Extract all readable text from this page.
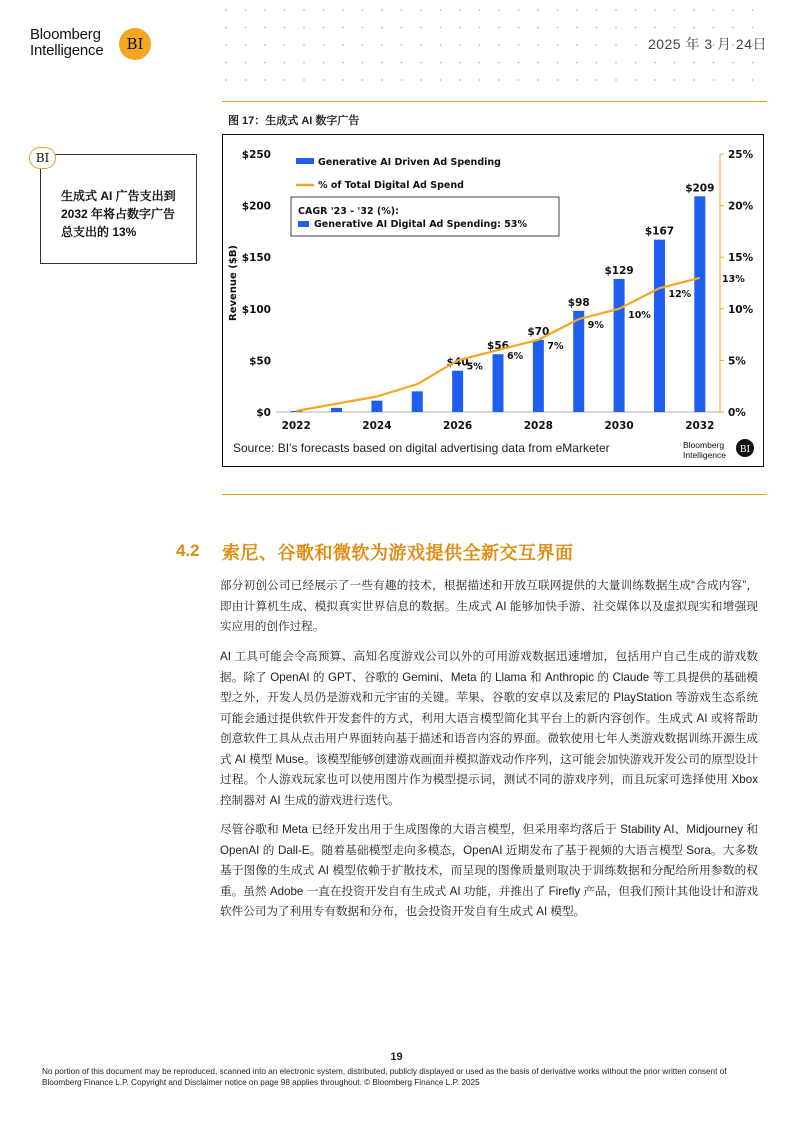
Bloomberg
Intelligence	BI	2025 年 3 月 24日
图 17：生成式 AI 数字广告
$0
$50
$100
$150
$200
$250
0%
5%
10%
15%
20%
25%
Revenue ($B)
$40
$56
$70
$98
$129
$167
$209
5%
6%
7%
9%
10%
12%
13%
2022	2024	2026	2028	2030	2032
Generative AI Driven Ad Spending
% of Total Digital Ad Spend
CAGR '23 - '32 (%):
Generative AI Digital Ad Spending: 53%
Source: BI’s forecasts based on digital advertising data from eMarketer	Bloomberg
Intelligence BI
生成式 AI 广告支出到 2032 年将占数字广告总支出的 13%
BI
4.2 索尼、谷歌和微软为游戏提供全新交互界面
部分初创公司已经展示了一些有趣的技术，根据描述和开放互联网提供的大量训练数据生成“合成内容”，即由计算机生成、模拟真实世界信息的数据。生成式 AI 能够加快手游、社交媒体以及虚拟现实和增强现实应用的创作过程。
AI 工具可能会令高预算、高知名度游戏公司以外的可用游戏数据迅速增加，包括用户自己生成的游戏数据。除了 OpenAI 的 GPT、谷歌的 Gemini、Meta 的 Llama 和 Anthropic 的 Claude 等工具提供的基础模型之外，开发人员仍是游戏和元宇宙的关键。苹果、谷歌的安卓以及索尼的 PlayStation 等游戏生态系统可能会通过提供软件开发套件的方式，利用大语言模型简化其平台上的新内容创作。生成式 AI 或将帮助创意软件工具从点击用户界面转向基于描述和语音内容的界面。微软使用七年人类游戏数据训练开源生成式 AI 模型 Muse。该模型能够创建游戏画面并模拟游戏动作序列，这可能会加快游戏开发公司的原型设计过程。个人游戏玩家也可以使用图片作为模型提示词，测试不同的游戏序列，而且玩家可选择使用 Xbox 控制器对 AI 生成的游戏进行迭代。
尽管谷歌和 Meta 已经开发出用于生成图像的大语言模型，但采用率均落后于 Stability AI、Midjourney 和 OpenAI 的 Dall-E。随着基础模型走向多模态，OpenAI 近期发布了基于视频的大语言模型 Sora。大多数基于图像的生成式 AI 模型依赖于扩散技术，而呈现的图像质量则取决于训练数据和分配给所用参数的权重。虽然 Adobe 一直在投资开发自有生成式 AI 功能，并推出了 Firefly 产品，但我们预计其他设计和游戏软件公司为了利用专有数据和分布，也会投资开发自有生成式 AI 模型。
19
No portion of this document may be reproduced, scanned into an electronic system, distributed, publicly displayed or used as the basis of derivative works without the prior written consent of Bloomberg Finance L.P. Copyright and Disclaimer notice on page 98 applies throughout. © Bloomberg Finance L.P. 2025
